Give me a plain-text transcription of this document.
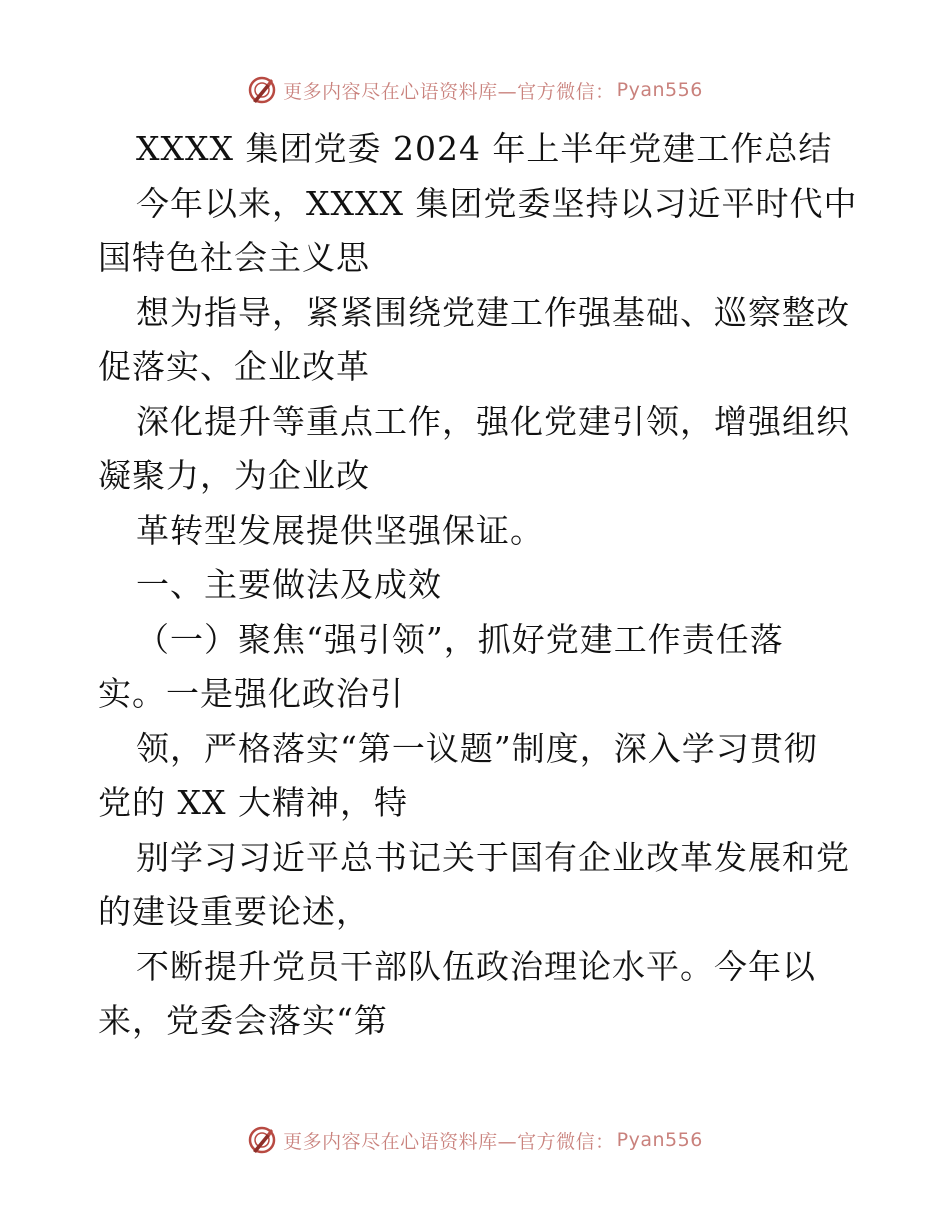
更多内容尽在心语资料库—官方微信： Pyan556
XXXX 集团党委 2024 年上半年党建工作总结
今年以来，XXXX 集团党委坚持以习近平时代中
国特色社会主义思
想为指导，紧紧围绕党建工作强基础、巡察整改
促落实、企业改革
深化提升等重点工作，强化党建引领，增强组织
凝聚力，为企业改
革转型发展提供坚强保证。
一、主要做法及成效
（一）聚焦“强引领”，抓好党建工作责任落
实。一是强化政治引
领，严格落实“第一议题”制度，深入学习贯彻
党的 XX 大精神，特
别学习习近平总书记关于国有企业改革发展和党
的建设重要论述，
不断提升党员干部队伍政治理论水平。今年以
来，党委会落实“第
更多内容尽在心语资料库—官方微信： Pyan556
